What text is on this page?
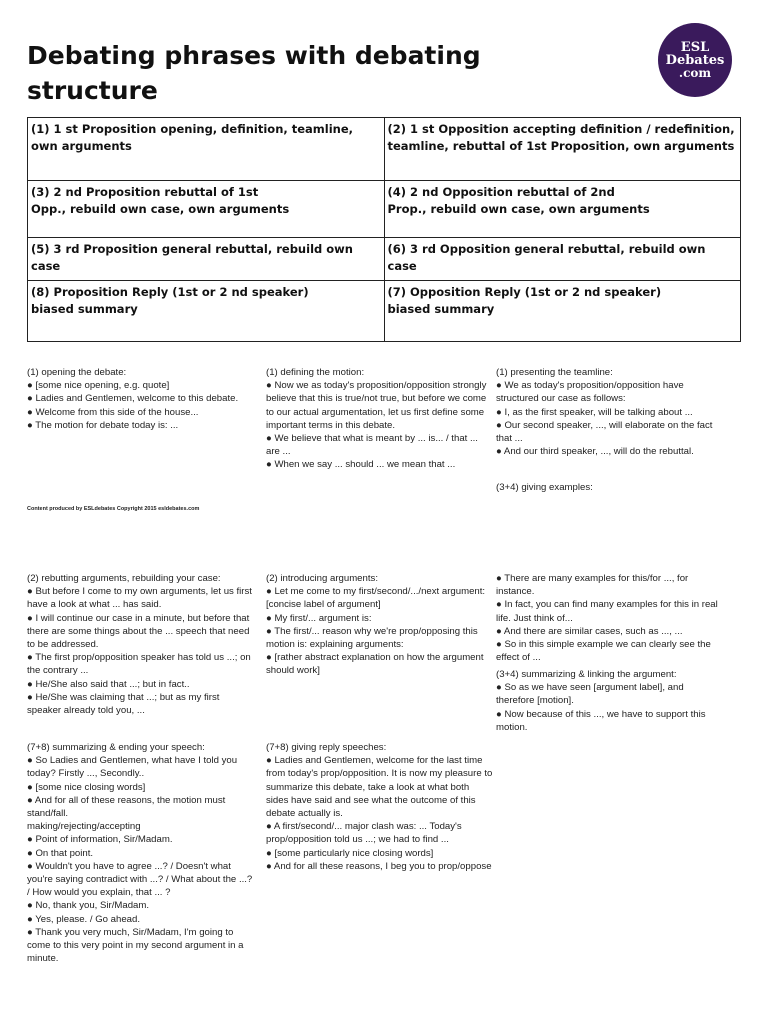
Debating phrases with debating structure
ESL
Debates
.com
(1) 1 st Proposition opening, definition, teamline,
own arguments	(2) 1 st Opposition accepting definition / redefinition,
teamline, rebuttal of 1st Proposition, own arguments
(3) 2 nd Proposition rebuttal of 1st
Opp., rebuild own case, own arguments	(4) 2 nd Opposition rebuttal of 2nd
Prop., rebuild own case, own arguments
(5) 3 rd Proposition general rebuttal, rebuild own case	(6) 3 rd Opposition general rebuttal, rebuild own case
(8) Proposition Reply (1st or 2 nd speaker)
biased summary	(7) Opposition Reply (1st or 2 nd speaker)
biased summary
(1) opening the debate:
● [some nice opening, e.g. quote]
● Ladies and Gentlemen, welcome to this debate.
● Welcome from this side of the house...
● The motion for debate today is: ...
(1) defining the motion:
● Now we as today's proposition/opposition strongly believe that this is true/not true, but before we come to our actual argumentation, let us first define some important terms in this debate.
● We believe that what is meant by ... is... / that ... are ...
● When we say ... should ... we mean that ...
(1) presenting the teamline:
● We as today's proposition/opposition have structured our case as follows:
● I, as the first speaker, will be talking about ...
● Our second speaker, ..., will elaborate on the fact that ...
● And our third speaker, ..., will do the rebuttal.
(3+4) giving examples:
Content produced by ESLdebates Copyright 2015 esldebates.com
(2) rebutting arguments, rebuilding your case:
● But before I come to my own arguments, let us first have a look at what ... has said.
● I will continue our case in a minute, but before that there are some things about the ... speech that need to be addressed.
● The first prop/opposition speaker has told us ...; on the contrary ...
● He/She also said that ...; but in fact..
● He/She was claiming that ...; but as my first speaker already told you, ...
(2) introducing arguments:
● Let me come to my first/second/.../next argument:
[concise label of argument]
● My first/... argument is:
● The first/... reason why we're prop/opposing this motion is: explaining arguments:
● [rather abstract explanation on how the argument should work]
● There are many examples for this/for ..., for instance.
● In fact, you can find many examples for this in real life. Just think of...
● And there are similar cases, such as ..., ...
● So in this simple example we can clearly see the effect of ...
(3+4) summarizing & linking the argument:
● So as we have seen [argument label], and therefore [motion].
● Now because of this ..., we have to support this motion.
(7+8) summarizing & ending your speech:
● So Ladies and Gentlemen, what have I told you today? Firstly ..., Secondly..
● [some nice closing words]
● And for all of these reasons, the motion must stand/fall.
making/rejecting/accepting
● Point of information, Sir/Madam.
● On that point.
● Wouldn't you have to agree ...? / Doesn't what you're saying contradict with ...? / What about the ...? / How would you explain, that ... ?
● No, thank you, Sir/Madam.
● Yes, please. / Go ahead.
● Thank you very much, Sir/Madam, I'm going to come to this very point in my second argument in a minute.
(7+8) giving reply speeches:
● Ladies and Gentlemen, welcome for the last time from today's prop/opposition. It is now my pleasure to summarize this debate, take a look at what both sides have said and see what the outcome of this debate actually is.
● A first/second/... major clash was: ... Today's prop/opposition told us ...; we had to find ...
● [some particularly nice closing words]
● And for all these reasons, I beg you to prop/oppose
